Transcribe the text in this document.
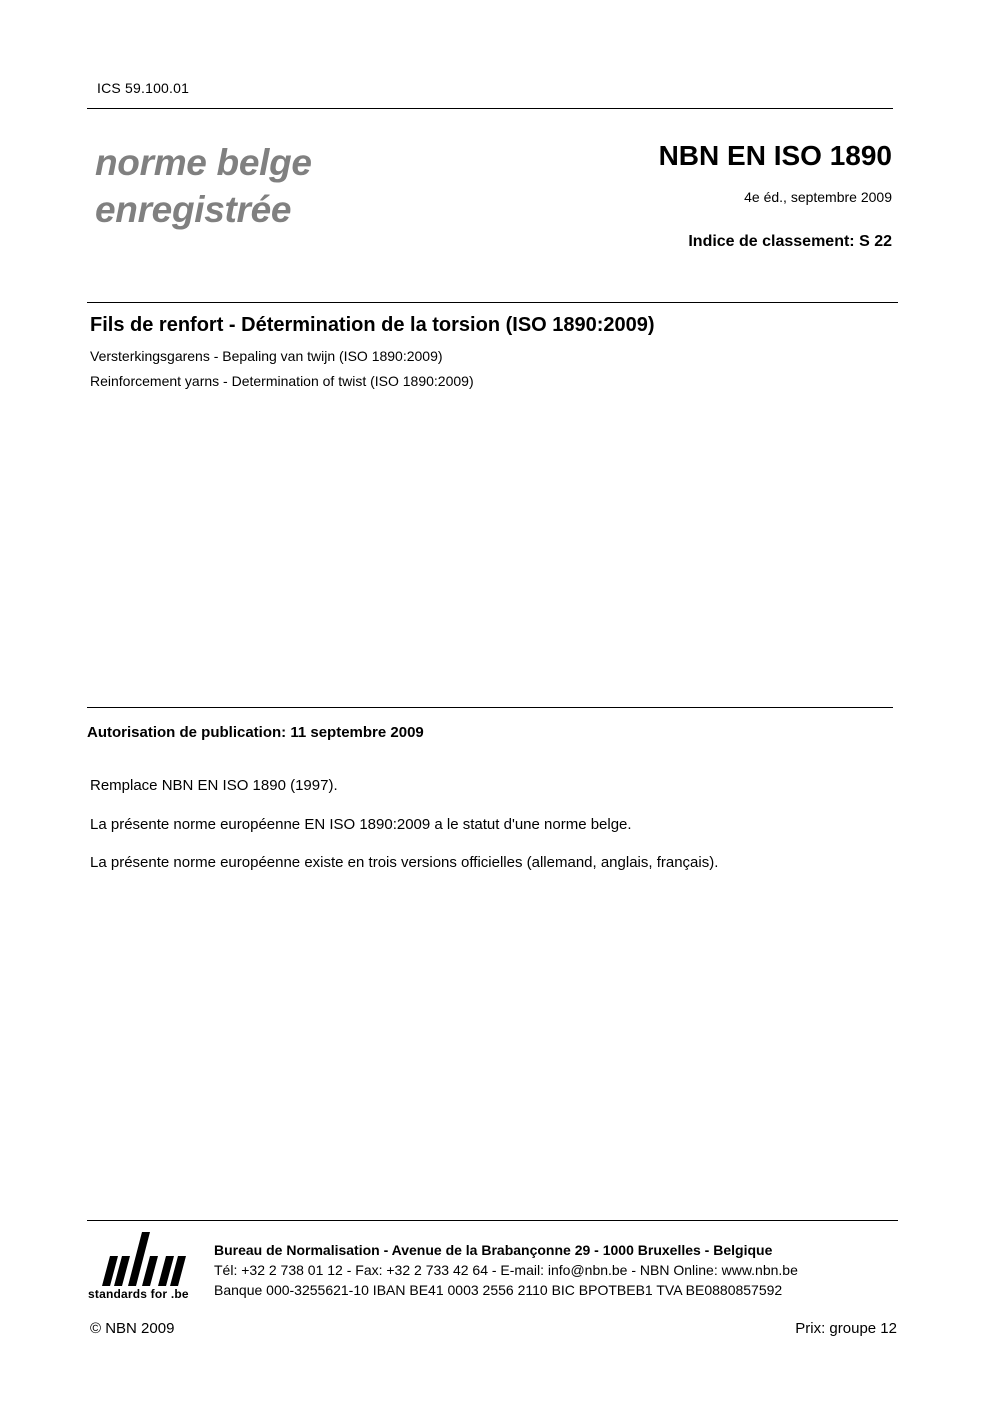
ICS 59.100.01
norme belge
enregistrée
NBN EN ISO 1890
4e éd., septembre 2009
Indice de classement: S 22
Fils de renfort - Détermination de la torsion (ISO 1890:2009)
Versterkingsgarens - Bepaling van twijn (ISO 1890:2009)
Reinforcement yarns - Determination of twist (ISO 1890:2009)
Autorisation de publication: 11 septembre 2009
Remplace NBN EN ISO 1890 (1997).
La présente norme européenne EN ISO 1890:2009 a le statut d'une norme belge.
La présente norme européenne existe en trois versions officielles (allemand, anglais, français).
standards for .be
Bureau de Normalisation - Avenue de la Brabançonne 29 - 1000 Bruxelles - Belgique
Tél: +32 2 738 01 12 - Fax: +32 2 733 42 64 - E-mail: info@nbn.be - NBN Online: www.nbn.be
Banque 000-3255621-10 IBAN BE41 0003 2556 2110 BIC BPOTBEB1 TVA BE0880857592
© NBN 2009	Prix: groupe 12
